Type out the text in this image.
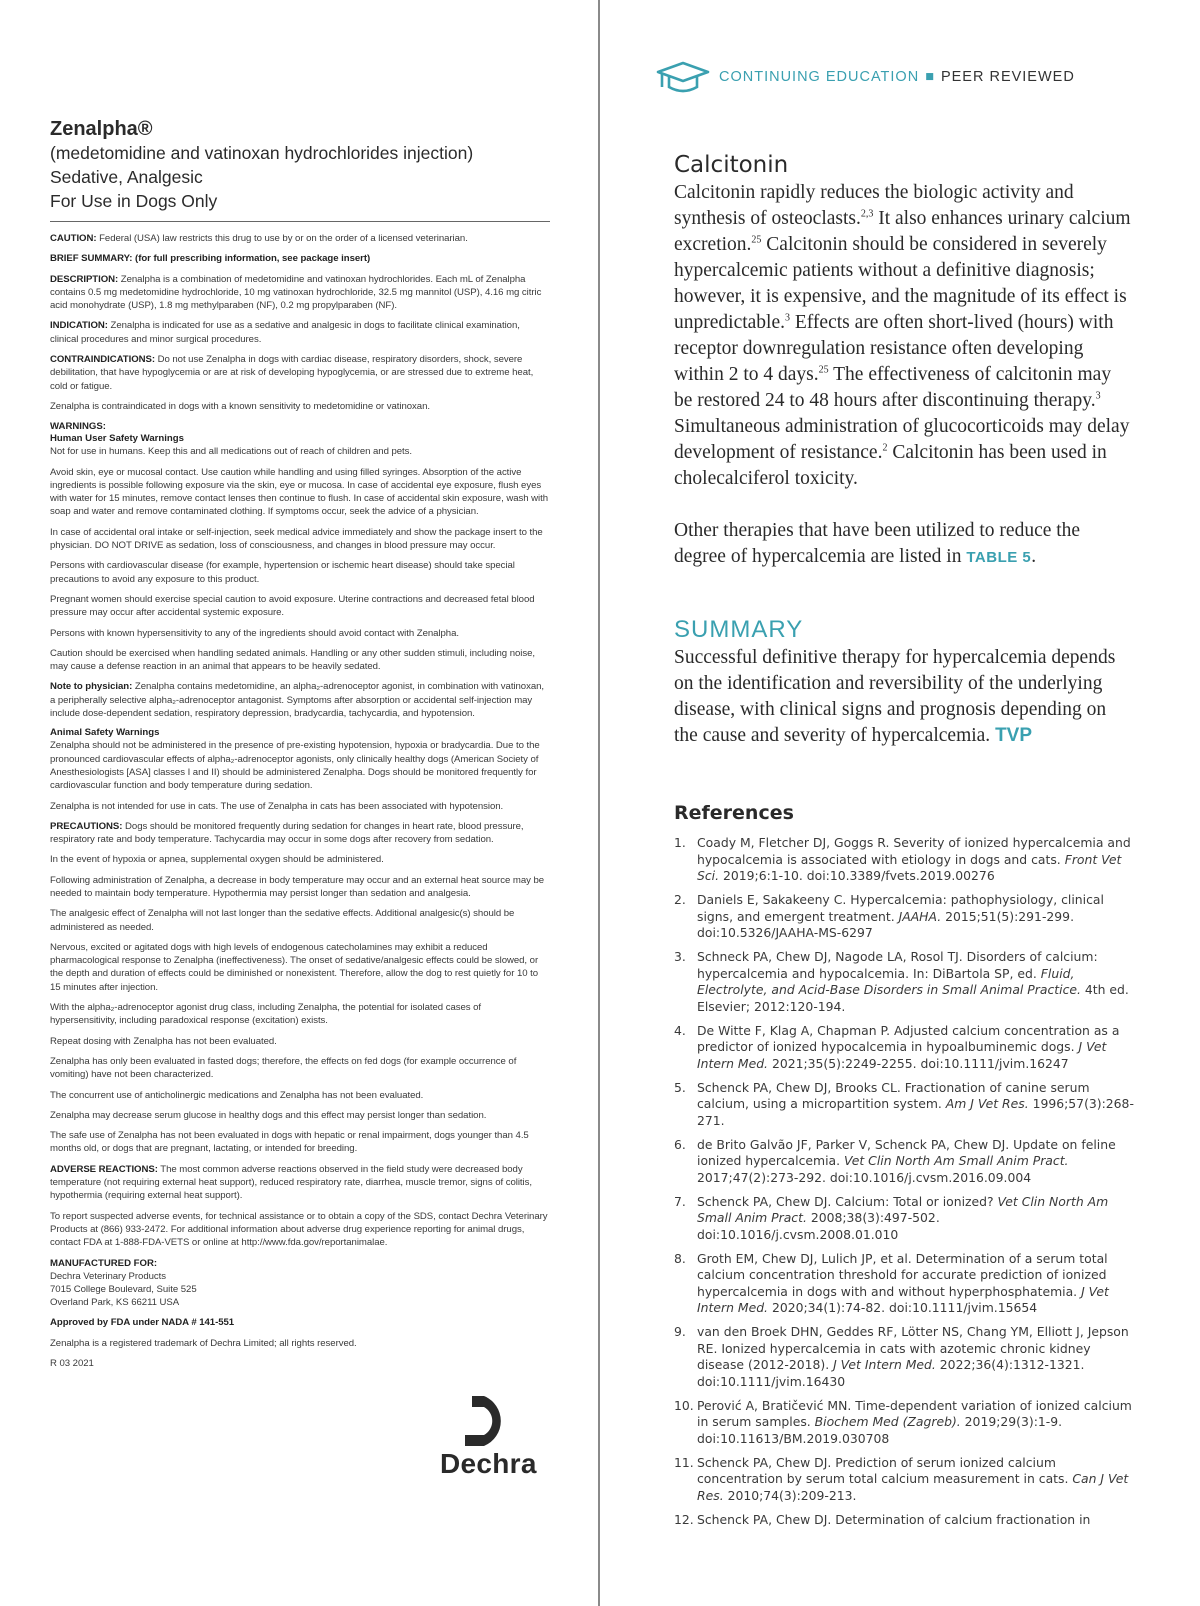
Zenalpha®
(medetomidine and vatinoxan hydrochlorides injection)
Sedative, Analgesic
For Use in Dogs Only

CAUTION: Federal (USA) law restricts this drug to use by or on the order of a licensed veterinarian.

BRIEF SUMMARY: (for full prescribing information, see package insert)

DESCRIPTION: Zenalpha is a combination of medetomidine and vatinoxan hydrochlorides. Each mL of Zenalpha contains 0.5 mg medetomidine hydrochloride, 10 mg vatinoxan hydrochloride, 32.5 mg mannitol (USP), 4.16 mg citric acid monohydrate (USP), 1.8 mg methylparaben (NF), 0.2 mg propylparaben (NF).

INDICATION: Zenalpha is indicated for use as a sedative and analgesic in dogs to facilitate clinical examination, clinical procedures and minor surgical procedures.

CONTRAINDICATIONS: Do not use Zenalpha in dogs with cardiac disease, respiratory disorders, shock, severe debilitation, that have hypoglycemia or are at risk of developing hypoglycemia, or are stressed due to extreme heat, cold or fatigue.

Zenalpha is contraindicated in dogs with a known sensitivity to medetomidine or vatinoxan.

WARNINGS:
Human User Safety Warnings

Not for use in humans. Keep this and all medications out of reach of children and pets.

Avoid skin, eye or mucosal contact. Use caution while handling and using filled syringes. Absorption of the active ingredients is possible following exposure via the skin, eye or mucosa. In case of accidental eye exposure, flush eyes with water for 15 minutes, remove contact lenses then continue to flush. In case of accidental skin exposure, wash with soap and water and remove contaminated clothing. If symptoms occur, seek the advice of a physician.

In case of accidental oral intake or self-injection, seek medical advice immediately and show the package insert to the physician. DO NOT DRIVE as sedation, loss of consciousness, and changes in blood pressure may occur.

Persons with cardiovascular disease (for example, hypertension or ischemic heart disease) should take special precautions to avoid any exposure to this product.

Pregnant women should exercise special caution to avoid exposure. Uterine contractions and decreased fetal blood pressure may occur after accidental systemic exposure.

Persons with known hypersensitivity to any of the ingredients should avoid contact with Zenalpha.

Caution should be exercised when handling sedated animals. Handling or any other sudden stimuli, including noise, may cause a defense reaction in an animal that appears to be heavily sedated.

Note to physician: Zenalpha contains medetomidine, an alpha₂-adrenoceptor agonist, in combination with vatinoxan, a peripherally selective alpha₂-adrenoceptor antagonist. Symptoms after absorption or accidental self-injection may include dose-dependent sedation, respiratory depression, bradycardia, tachycardia, and hypotension.

Animal Safety Warnings

Zenalpha should not be administered in the presence of pre-existing hypotension, hypoxia or bradycardia. Due to the pronounced cardiovascular effects of alpha₂-adrenoceptor agonists, only clinically healthy dogs (American Society of Anesthesiologists [ASA] classes I and II) should be administered Zenalpha. Dogs should be monitored frequently for cardiovascular function and body temperature during sedation.

Zenalpha is not intended for use in cats. The use of Zenalpha in cats has been associated with hypotension.

PRECAUTIONS: Dogs should be monitored frequently during sedation for changes in heart rate, blood pressure, respiratory rate and body temperature. Tachycardia may occur in some dogs after recovery from sedation.

In the event of hypoxia or apnea, supplemental oxygen should be administered.

Following administration of Zenalpha, a decrease in body temperature may occur and an external heat source may be needed to maintain body temperature. Hypothermia may persist longer than sedation and analgesia.

The analgesic effect of Zenalpha will not last longer than the sedative effects. Additional analgesic(s) should be administered as needed.

Nervous, excited or agitated dogs with high levels of endogenous catecholamines may exhibit a reduced pharmacological response to Zenalpha (ineffectiveness). The onset of sedative/analgesic effects could be slowed, or the depth and duration of effects could be diminished or nonexistent. Therefore, allow the dog to rest quietly for 10 to 15 minutes after injection.

With the alpha₂-adrenoceptor agonist drug class, including Zenalpha, the potential for isolated cases of hypersensitivity, including paradoxical response (excitation) exists.

Repeat dosing with Zenalpha has not been evaluated.

Zenalpha has only been evaluated in fasted dogs; therefore, the effects on fed dogs (for example occurrence of vomiting) have not been characterized.

The concurrent use of anticholinergic medications and Zenalpha has not been evaluated.

Zenalpha may decrease serum glucose in healthy dogs and this effect may persist longer than sedation.

The safe use of Zenalpha has not been evaluated in dogs with hepatic or renal impairment, dogs younger than 4.5 months old, or dogs that are pregnant, lactating, or intended for breeding.

ADVERSE REACTIONS: The most common adverse reactions observed in the field study were decreased body temperature (not requiring external heat support), reduced respiratory rate, diarrhea, muscle tremor, signs of colitis, hypothermia (requiring external heat support).

To report suspected adverse events, for technical assistance or to obtain a copy of the SDS, contact Dechra Veterinary Products at (866) 933-2472. For additional information about adverse drug experience reporting for animal drugs, contact FDA at 1-888-FDA-VETS or online at http://www.fda.gov/reportanimalae.

MANUFACTURED FOR:
Dechra Veterinary Products
7015 College Boulevard, Suite 525
Overland Park, KS 66211 USA

Approved by FDA under NADA # 141-551

Zenalpha is a registered trademark of Dechra Limited; all rights reserved.

R 03 2021

Dechra
CONTINUING EDUCATION ■ PEER REVIEWED
Calcitonin

Calcitonin rapidly reduces the biologic activity and synthesis of osteoclasts.$^{2,3}$ It also enhances urinary calcium excretion.$^{25}$ Calcitonin should be considered in severely hypercalcemic patients without a definitive diagnosis; however, it is expensive, and the magnitude of its effect is unpredictable.$^3$ Effects are often short-lived (hours) with receptor downregulation resistance often developing within 2 to 4 days.$^{25}$ The effectiveness of calcitonin may be restored 24 to 48 hours after discontinuing therapy.$^3$ Simultaneous administration of glucocorticoids may delay development of resistance.$^2$ Calcitonin has been used in cholecalciferol toxicity.

Other therapies that have been utilized to reduce the degree of hypercalcemia are listed in TABLE 5.

SUMMARY

Successful definitive therapy for hypercalcemia depends on the identification and reversibility of the underlying disease, with clinical signs and prognosis depending on the cause and severity of hypercalcemia. TVP

References
1. Coady M, Fletcher DJ, Goggs R. Severity of ionized hypercalcemia and hypocalcemia is associated with etiology in dogs and cats. Front Vet Sci. 2019;6:1-10. doi:10.3389/fvets.2019.00276
2. Daniels E, Sakakeeny C. Hypercalcemia: pathophysiology, clinical signs, and emergent treatment. JAAHA. 2015;51(5):291-299. doi:10.5326/JAAHA-MS-6297
3. Schneck PA, Chew DJ, Nagode LA, Rosol TJ. Disorders of calcium: hypercalcemia and hypocalcemia. In: DiBartola SP, ed. Fluid, Electrolyte, and Acid-Base Disorders in Small Animal Practice. 4th ed. Elsevier; 2012:120-194.
4. De Witte F, Klag A, Chapman P. Adjusted calcium concentration as a predictor of ionized hypocalcemia in hypoalbuminemic dogs. J Vet Intern Med. 2021;35(5):2249-2255. doi:10.1111/jvim.16247
5. Schenck PA, Chew DJ, Brooks CL. Fractionation of canine serum calcium, using a micropartition system. Am J Vet Res. 1996;57(3):268-271.
6. de Brito Galvão JF, Parker V, Schenck PA, Chew DJ. Update on feline ionized hypercalcemia. Vet Clin North Am Small Anim Pract. 2017;47(2):273-292. doi:10.1016/j.cvsm.2016.09.004
7. Schenck PA, Chew DJ. Calcium: Total or ionized? Vet Clin North Am Small Anim Pract. 2008;38(3):497-502. doi:10.1016/j.cvsm.2008.01.010
8. Groth EM, Chew DJ, Lulich JP, et al. Determination of a serum total calcium concentration threshold for accurate prediction of ionized hypercalcemia in dogs with and without hyperphosphatemia. J Vet Intern Med. 2020;34(1):74-82. doi:10.1111/jvim.15654
9. van den Broek DHN, Geddes RF, Lötter NS, Chang YM, Elliott J, Jepson RE. Ionized hypercalcemia in cats with azotemic chronic kidney disease (2012-2018). J Vet Intern Med. 2022;36(4):1312-1321. doi:10.1111/jvim.16430
10. Perović A, Bratičević MN. Time-dependent variation of ionized calcium in serum samples. Biochem Med (Zagreb). 2019;29(3):1-9. doi:10.11613/BM.2019.030708
11. Schenck PA, Chew DJ. Prediction of serum ionized calcium concentration by serum total calcium measurement in cats. Can J Vet Res. 2010;74(3):209-213.
12. Schenck PA, Chew DJ. Determination of calcium fractionation in
